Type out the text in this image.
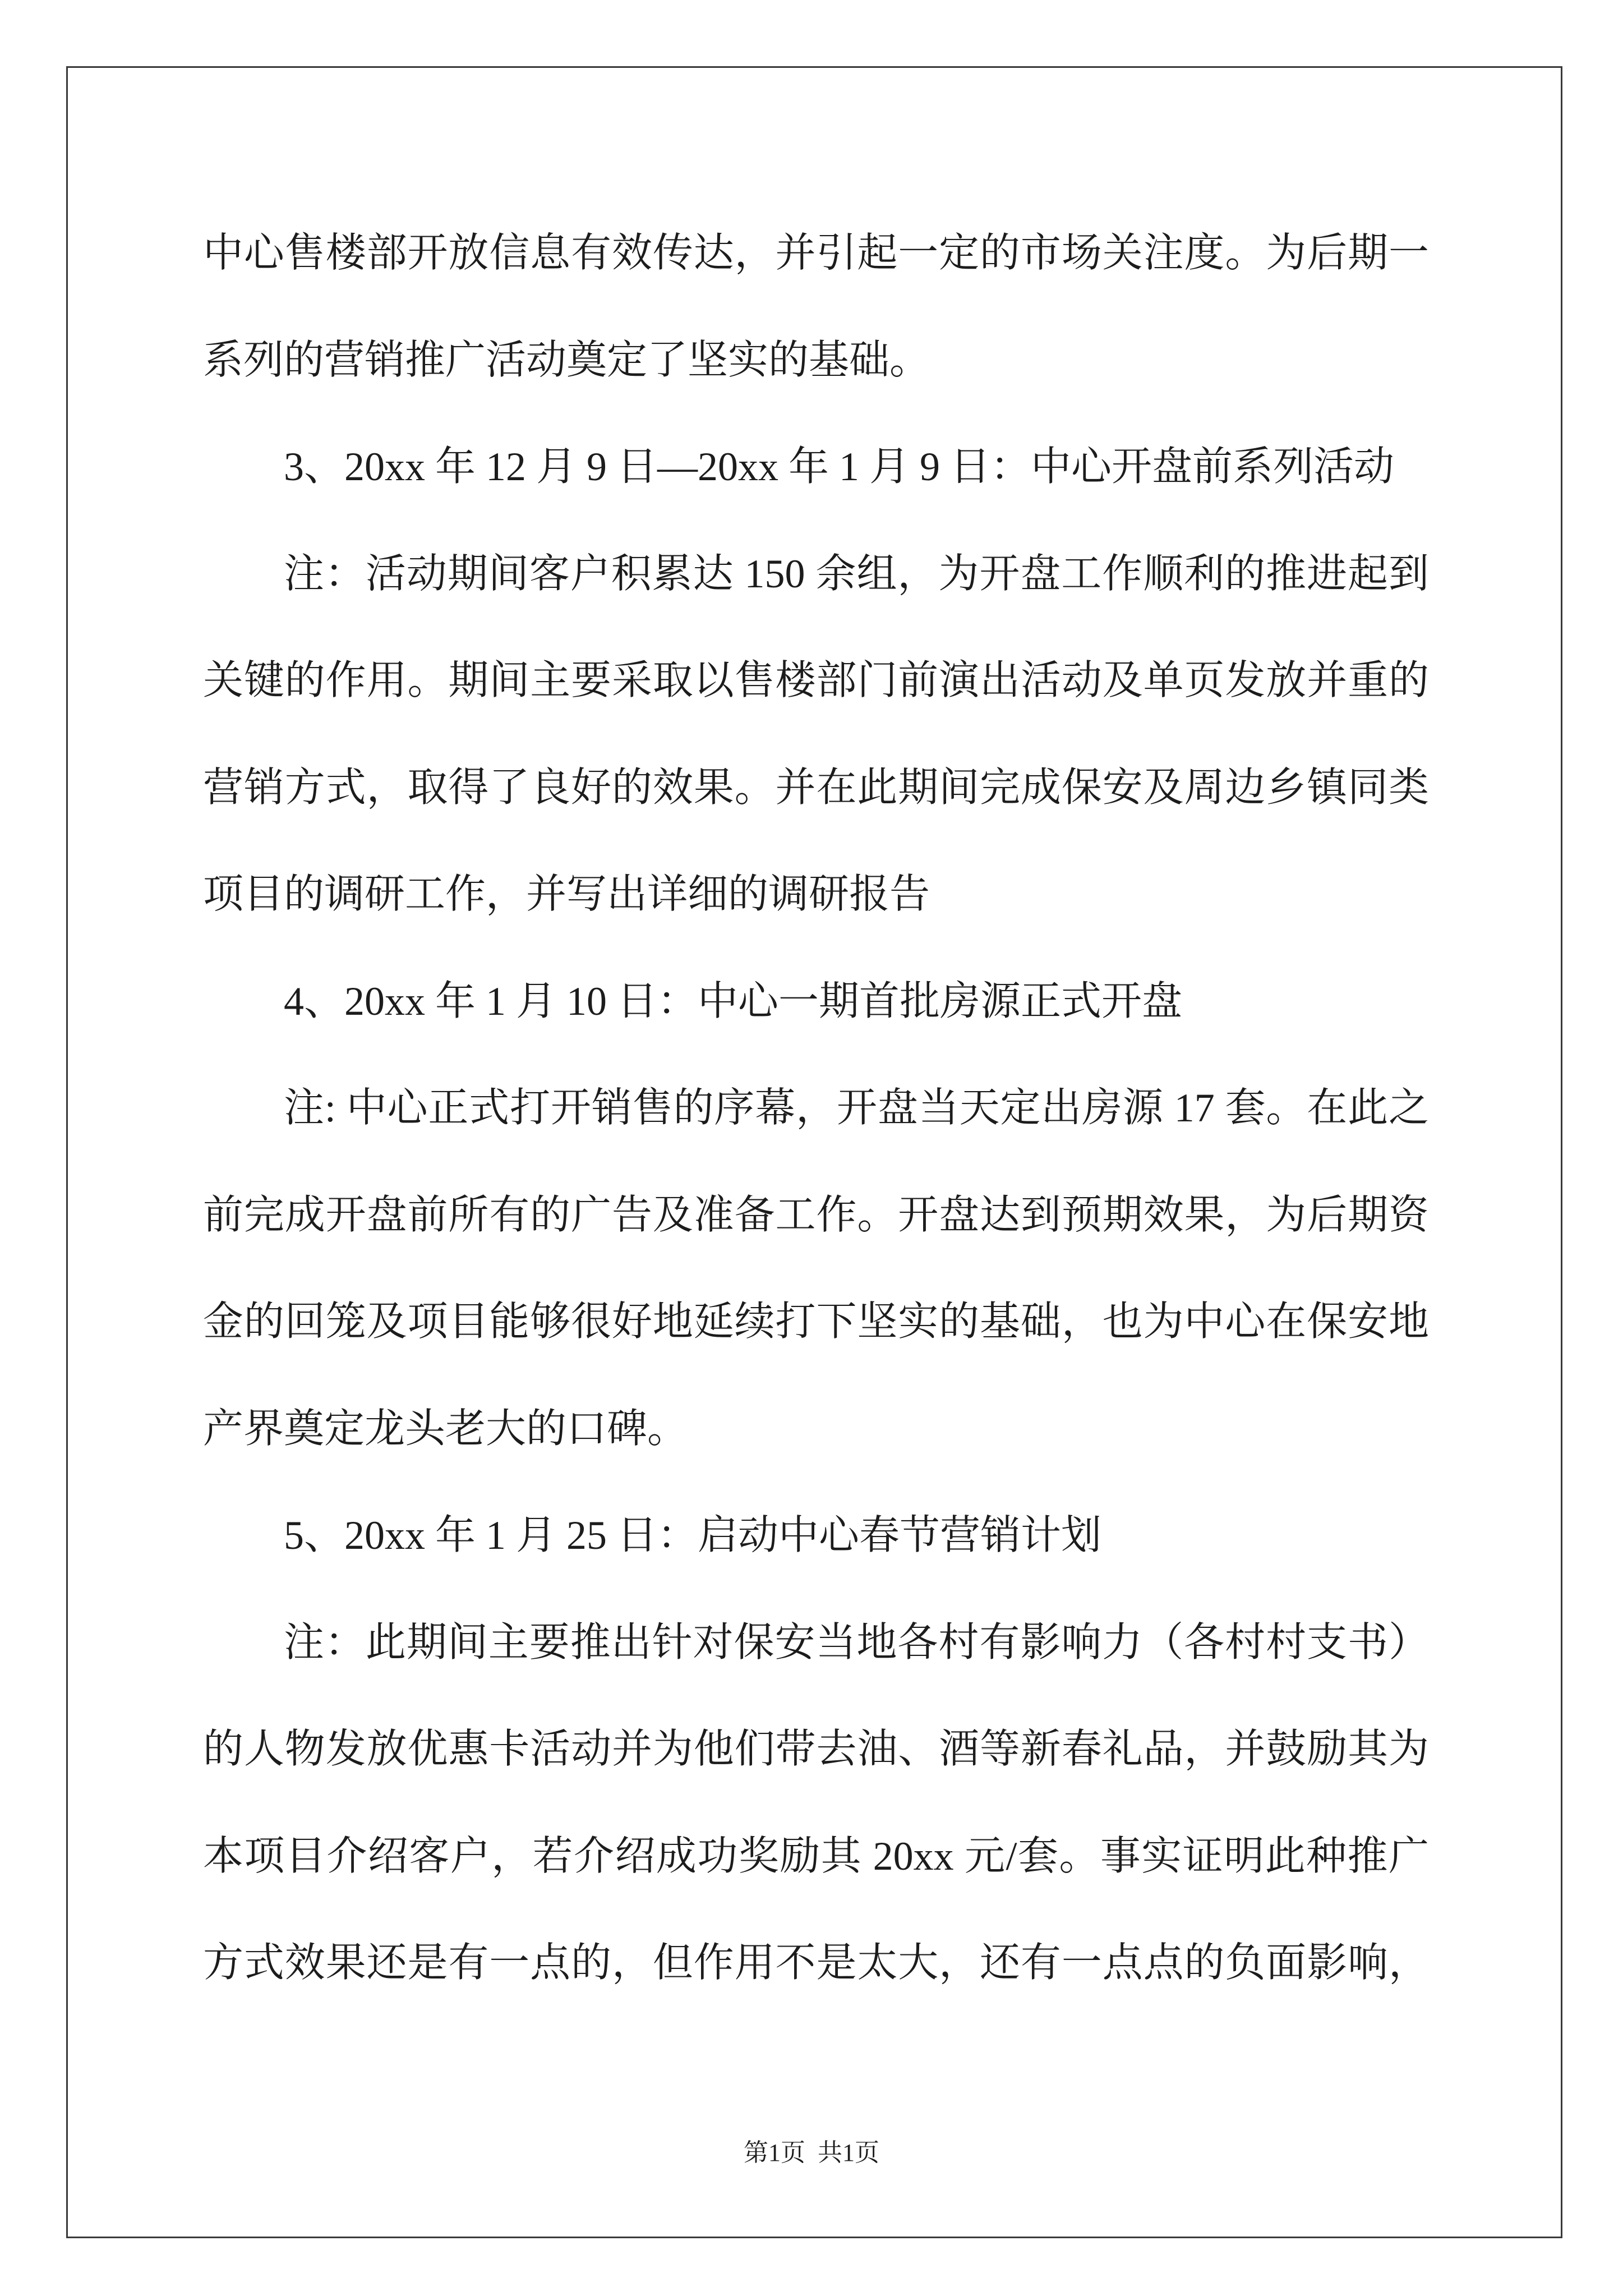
中心售楼部开放信息有效传达，并引起一定的市场关注度。为后期一
系列的营销推广活动奠定了坚实的基础。
3、20xx 年 12 月 9 日—20xx 年 1 月 9 日：中心开盘前系列活动
注：活动期间客户积累达 150 余组，为开盘工作顺利的推进起到
关键的作用。期间主要采取以售楼部门前演出活动及单页发放并重的
营销方式，取得了良好的效果。并在此期间完成保安及周边乡镇同类
项目的调研工作，并写出详细的调研报告
4、20xx 年 1 月 10 日：中心一期首批房源正式开盘
注: 中心正式打开销售的序幕，开盘当天定出房源 17 套。在此之
前完成开盘前所有的广告及准备工作。开盘达到预期效果，为后期资
金的回笼及项目能够很好地延续打下坚实的基础，也为中心在保安地
产界奠定龙头老大的口碑。
5、20xx 年 1 月 25 日：启动中心春节营销计划
注：此期间主要推出针对保安当地各村有影响力（各村村支书）
的人物发放优惠卡活动并为他们带去油、酒等新春礼品，并鼓励其为
本项目介绍客户，若介绍成功奖励其 20xx 元/套。事实证明此种推广
方式效果还是有一点的，但作用不是太大，还有一点点的负面影响，
第1页  共1页
